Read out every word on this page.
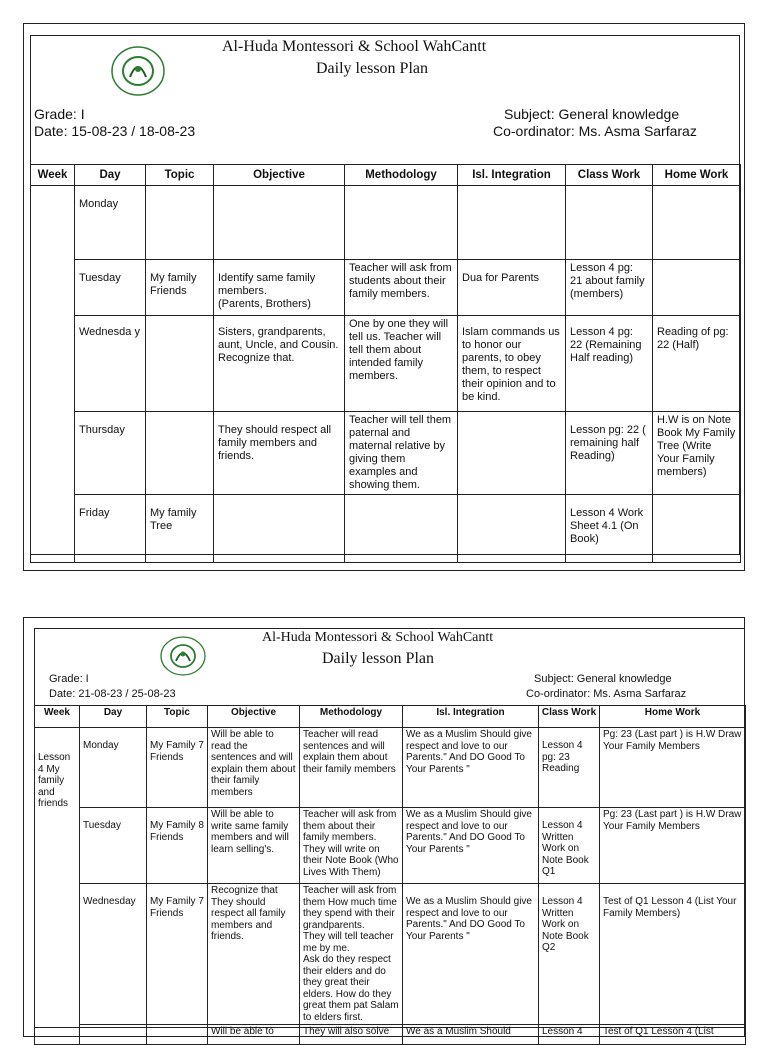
Al-Huda Montessori & School WahCantt
Daily lesson Plan
Grade: I
Date: 15-08-23 / 18-08-23
Subject: General knowledge
Co-ordinator: Ms. Asma Sarfaraz
Week	Day	Topic	Objective	Methodology	Isl. Integration	Class Work	Home Work
	Monday						
	Tuesday	My family Friends	Identify same family members.
(Parents, Brothers)	Teacher will ask from students about their family members.	Dua for Parents	Lesson 4 pg: 21 about family (members)	
	Wednesda y		Sisters, grandparents, aunt, Uncle, and Cousin. Recognize that.	One by one they will tell us. Teacher will tell them about intended family members.	Islam commands us to honor our parents, to obey them, to respect their opinion and to be kind.	Lesson 4 pg: 22 (Remaining Half reading)	Reading of pg: 22 (Half)
	Thursday		They should respect all family members and friends.	Teacher will tell them paternal and maternal relative by giving them examples and showing them.		Lesson pg: 22 ( remaining half Reading)	H.W is on Note Book My Family Tree (Write Your Family members)
	Friday	My family Tree				Lesson 4 Work Sheet 4.1 (On Book)	
Al-Huda Montessori & School WahCantt
Daily lesson Plan
Grade: I
Date: 21-08-23 / 25-08-23
Subject: General knowledge
Co-ordinator: Ms. Asma Sarfaraz
Week	Day	Topic	Objective	Methodology	Isl. Integration	Class Work	Home Work
Lesson 4 My family and friends	Monday	My Family 7 Friends	Will be able to read the sentences and will explain them about their family members	Teacher will read sentences and will explain them about their family members	We as a Muslim Should give respect and love to our Parents." And DO Good To Your Parents "	Lesson 4 pg: 23 Reading	Pg: 23 (Last part ) is H.W Draw Your Family Members
	Tuesday	My Family 8 Friends	Will be able to write same family members and will learn selling's.	Teacher will ask from them about their family members.
They will write on their Note Book (Who Lives With Them)	We as a Muslim Should give respect and love to our Parents." And DO Good To Your Parents "	Lesson 4 Written Work on Note Book Q1	Pg: 23 (Last part ) is H.W Draw Your Family Members
	Wednesday	My Family 7 Friends	Recognize that They should respect all family members and friends.	Teacher will ask from them How much time they spend with their grandparents.
They will tell teacher me by me.
Ask do they respect their elders and do they great their elders. How do they great them pat Salam to elders first.	We as a Muslim Should give respect and love to our Parents." And DO Good To Your Parents "	Lesson 4 Written Work on Note Book Q2	Test of Q1 Lesson 4 (List Your Family Members)
			Will be able to	They will also solve	We as a Muslim Should	Lesson 4	Test of Q1 Lesson 4 (List
